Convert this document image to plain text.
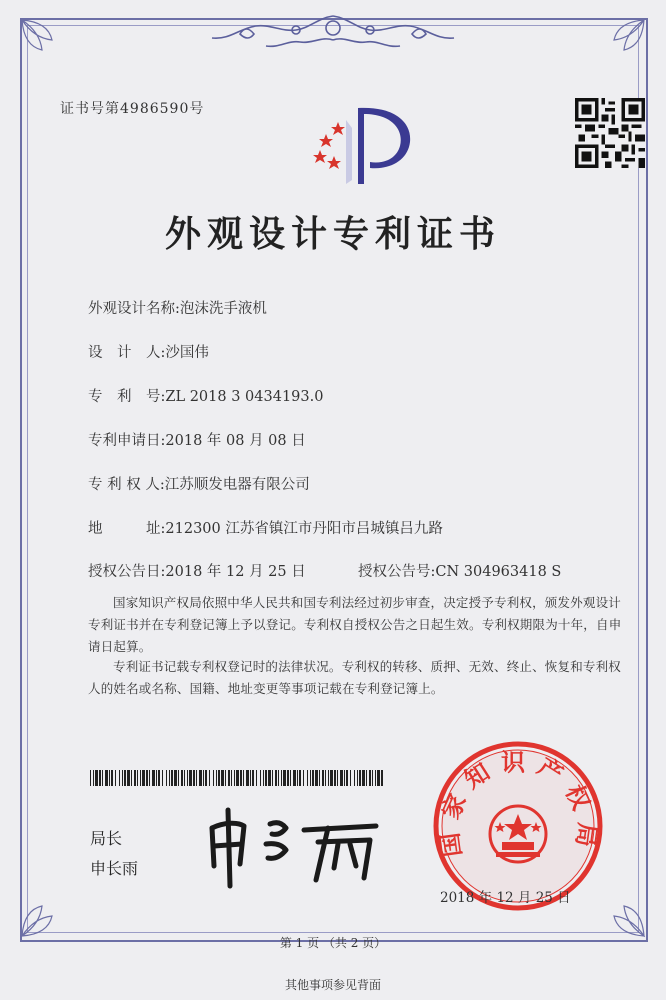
证书号第4986590号
外观设计专利证书
外观设计名称:泡沫洗手液机
设　计　人:沙国伟
专　利　号:ZL 2018 3 0434193.0
专利申请日:2018 年 08 月 08 日
专 利 权 人:江苏顺发电器有限公司
地　　　址:212300 江苏省镇江市丹阳市吕城镇吕九路
授权公告日:2018 年 12 月 25 日	授权公告号:CN 304963418 S
国家知识产权局依照中华人民共和国专利法经过初步审查，决定授予专利权，颁发外观设计专利证书并在专利登记簿上予以登记。专利权自授权公告之日起生效。专利权期限为十年，自申请日起算。
专利证书记载专利权登记时的法律状况。专利权的转移、质押、无效、终止、恢复和专利权人的姓名或名称、国籍、地址变更等事项记载在专利登记簿上。
局长
申长雨
国家知识产权局
2018 年 12 月 25 日
第 1 页 （共 2 页）
其他事项参见背面
